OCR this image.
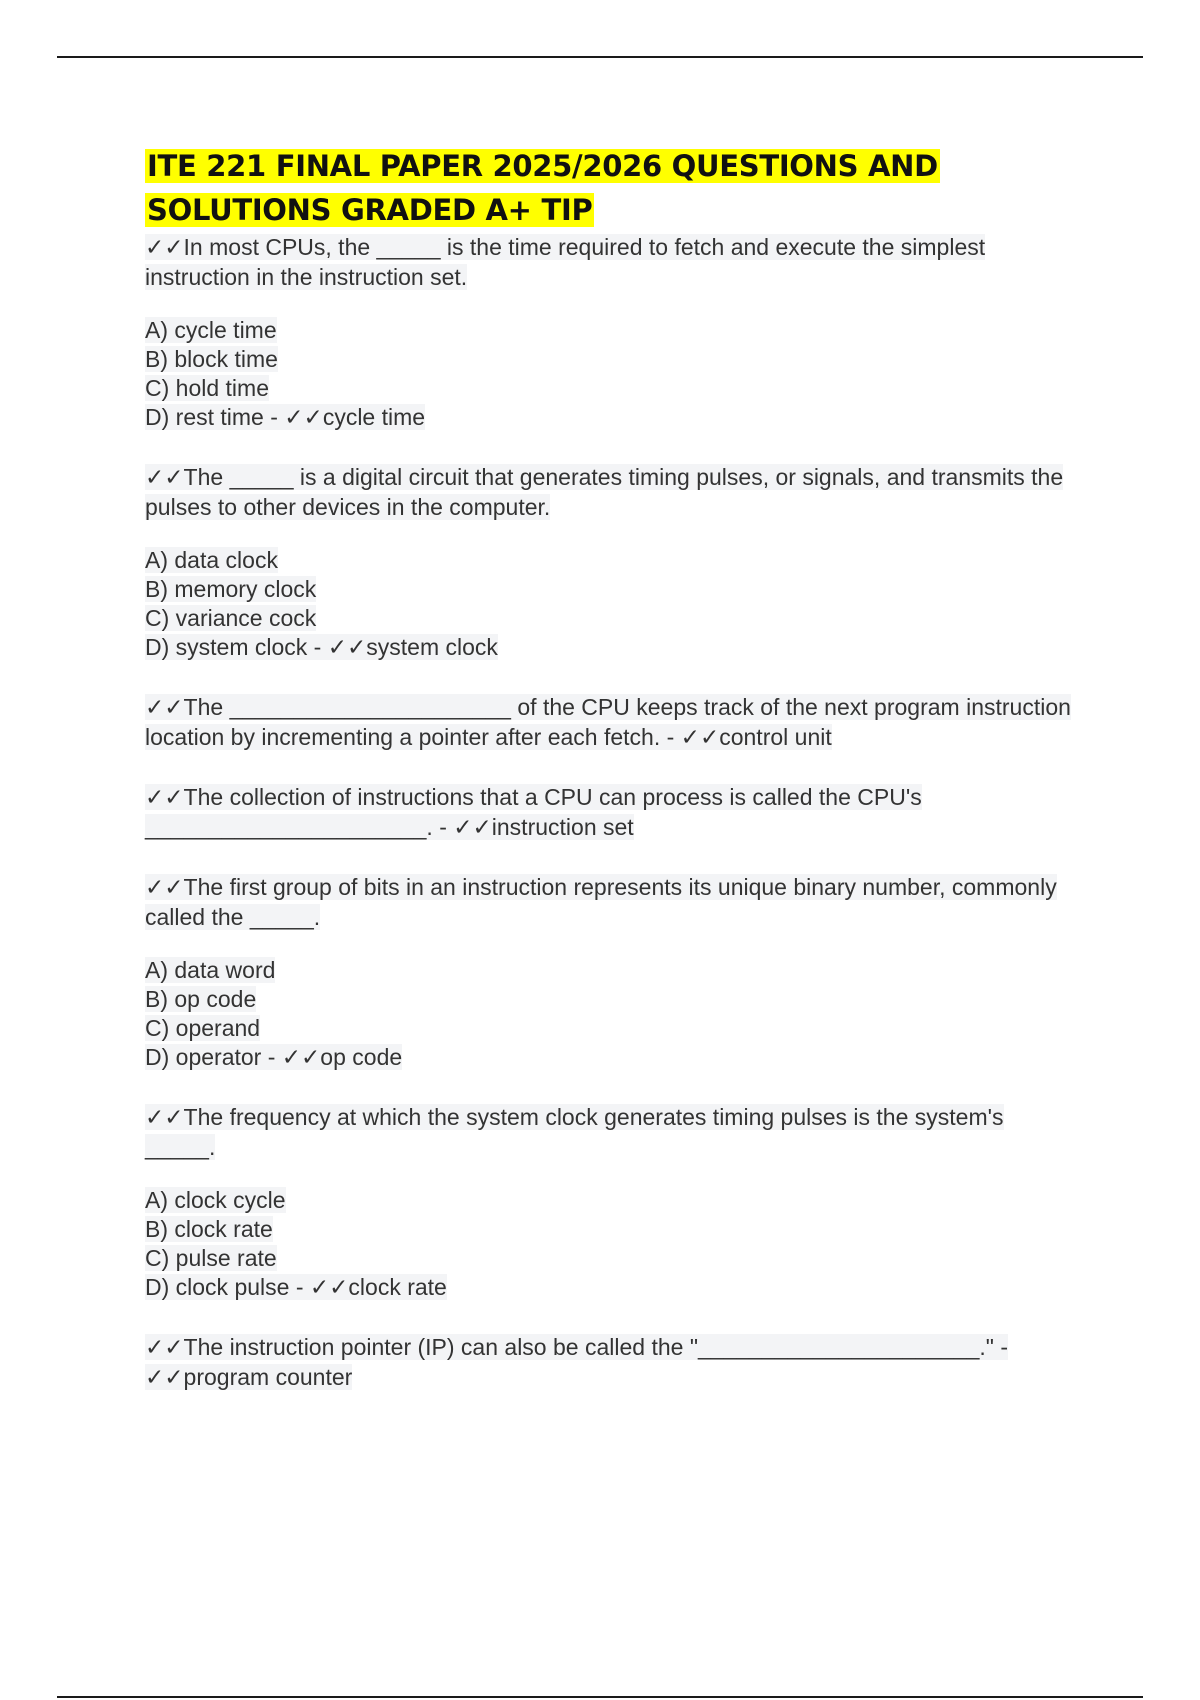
ITE 221 FINAL PAPER 2025/2026 QUESTIONS AND
SOLUTIONS GRADED A+ TIP

✓✓In most CPUs, the _____ is the time required to fetch and execute the simplest instruction in the instruction set.

A) cycle time

B) block time

C) hold time

D) rest time - ✓✓cycle time

✓✓The _____ is a digital circuit that generates timing pulses, or signals, and transmits the pulses to other devices in the computer.

A) data clock

B) memory clock

C) variance cock

D) system clock - ✓✓system clock

✓✓The ______________________ of the CPU keeps track of the next program instruction location by incrementing a pointer after each fetch. - ✓✓control unit

✓✓The collection of instructions that a CPU can process is called the CPU's ______________________. - ✓✓instruction set

✓✓The first group of bits in an instruction represents its unique binary number, commonly called the _____.

A) data word

B) op code

C) operand

D) operator - ✓✓op code

✓✓The frequency at which the system clock generates timing pulses is the system's _____.

A) clock cycle

B) clock rate

C) pulse rate

D) clock pulse - ✓✓clock rate

✓✓The instruction pointer (IP) can also be called the "______________________." - ✓✓program counter
